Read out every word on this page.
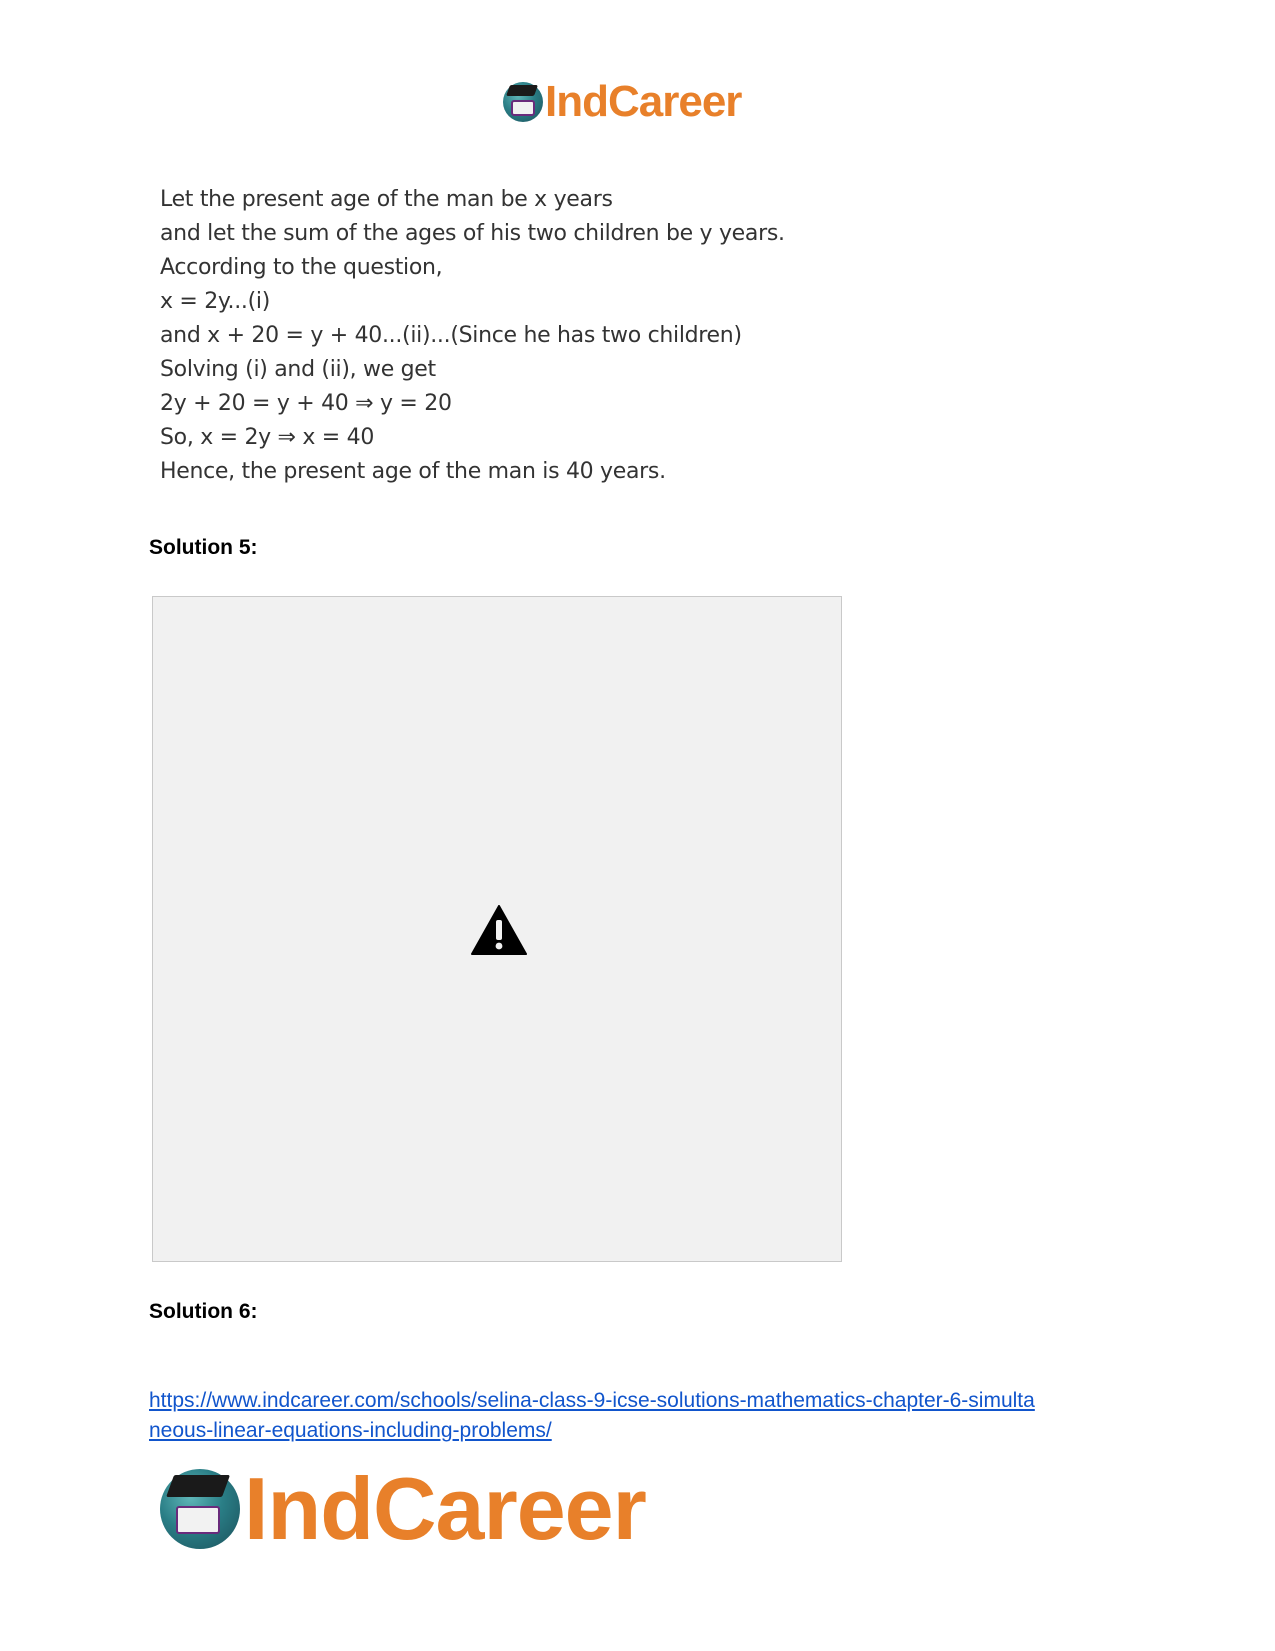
IndCareer
Let the present age of the man be x years
and let the sum of the ages of his two children be y years.
According to the question,
x = 2y...(i)
and x + 20 = y + 40...(ii)...(Since he has two children)
Solving (i) and (ii), we get
2y + 20 = y + 40 ⇒ y = 20
So, x = 2y ⇒ x = 40
Hence, the present age of the man is 40 years.
Solution 5:
Solution 6:
https://www.indcareer.com/schools/selina-class-9-icse-solutions-mathematics-chapter-6-simulta
neous-linear-equations-including-problems/
IndCareer
